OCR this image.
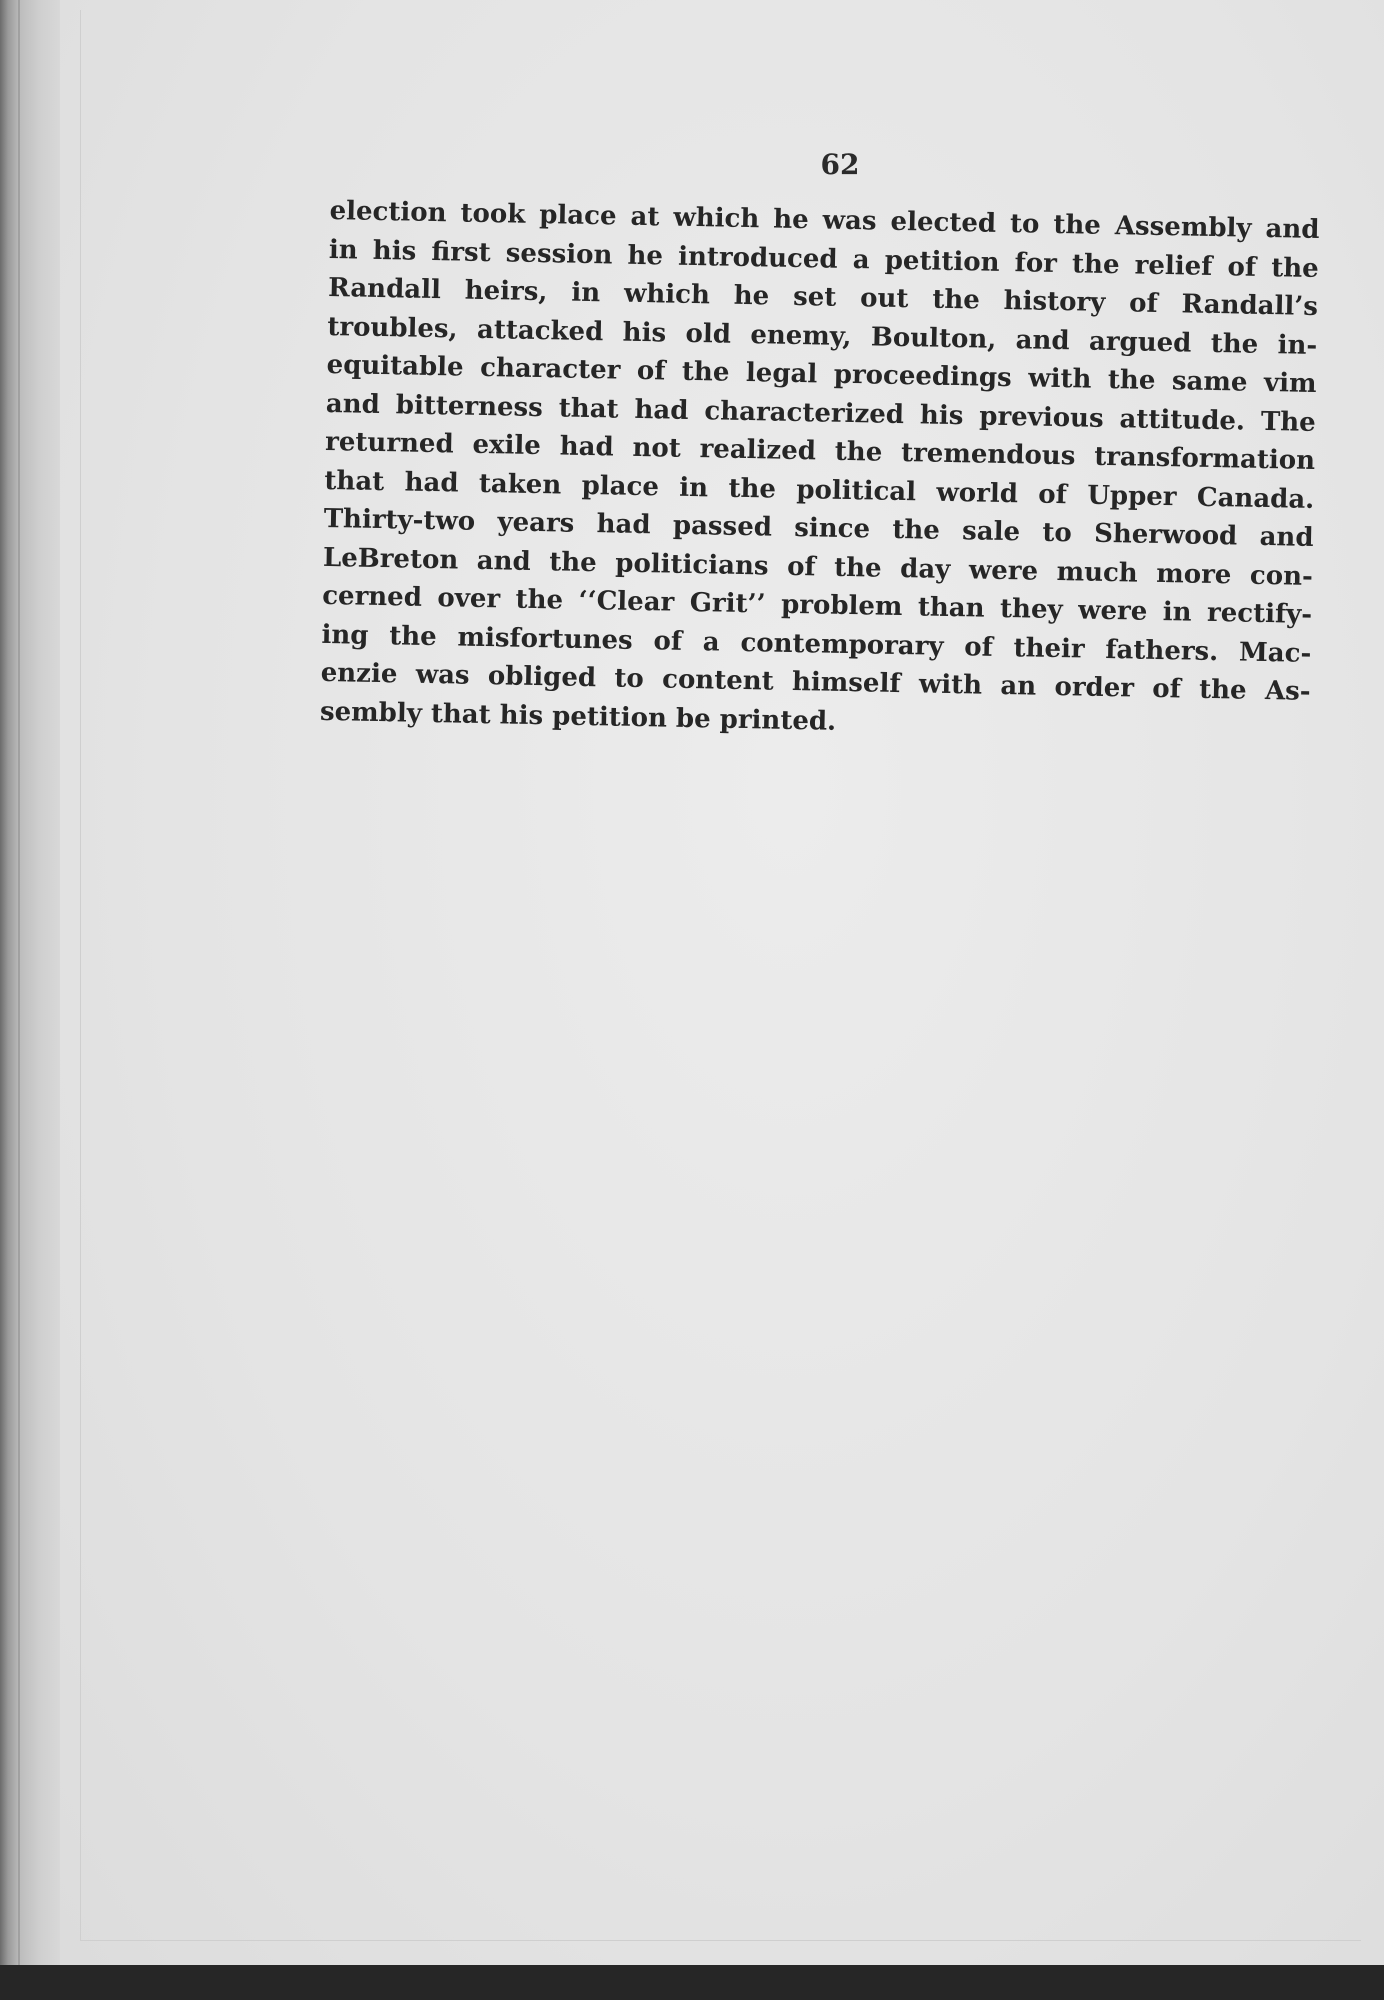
62
election took place at which he was elected to the Assembly and
in his first session he introduced a petition for the relief of the
Randall heirs, in which he set out the history of Randall’s
troubles, attacked his old enemy, Boulton, and argued the in-
equitable character of the legal proceedings with the same vim
and bitterness that had characterized his previous attitude. The
returned exile had not realized the tremendous transformation
that had taken place in the political world of Upper Canada.
Thirty-two years had passed since the sale to Sherwood and
LeBreton and the politicians of the day were much more con-
cerned over the ‘‘Clear Grit’’ problem than they were in rectify-
ing the misfortunes of a contemporary of their fathers. Mac-
enzie was obliged to content himself with an order of the As-
sembly that his petition be printed.
